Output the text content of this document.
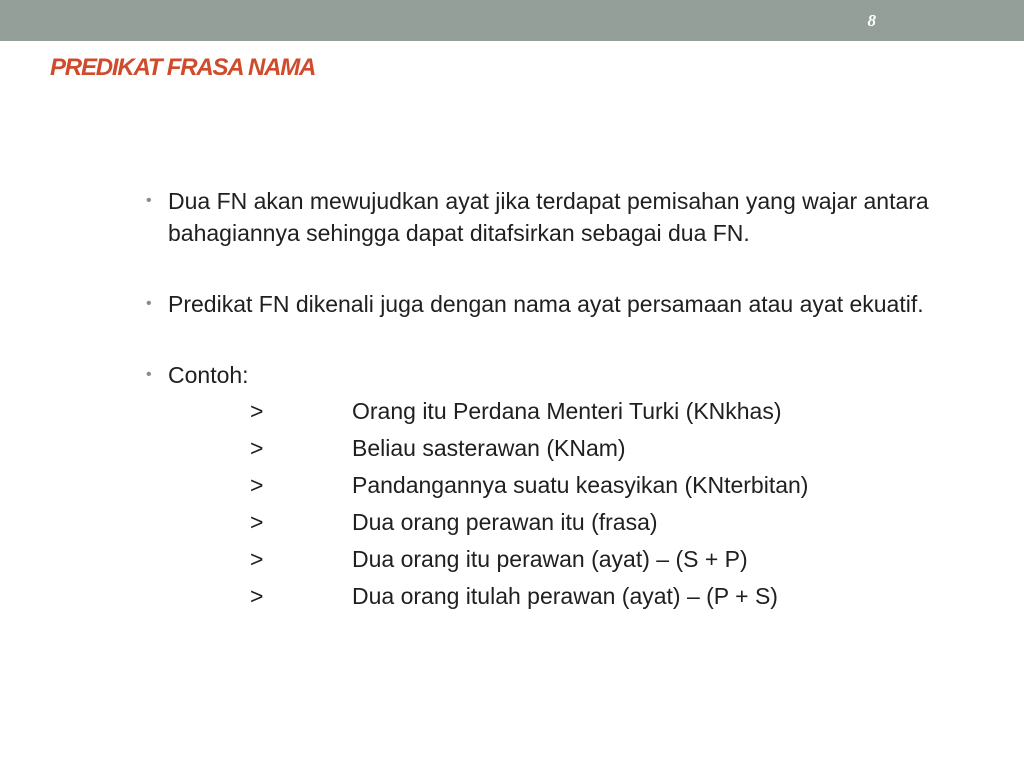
8
PREDIKAT FRASA NAMA
• Dua FN akan mewujudkan ayat jika terdapat pemisahan yang wajar antara bahagiannya sehingga dapat ditafsirkan sebagai dua FN.
• Predikat FN dikenali juga dengan nama ayat persamaan atau ayat ekuatif.
• Contoh:
>	Orang itu Perdana Menteri Turki (KNkhas)
>	Beliau sasterawan (KNam)
>	Pandangannya suatu keasyikan (KNterbitan)
>	Dua orang perawan itu (frasa)
>	Dua orang itu perawan (ayat) – (S + P)
>	Dua orang itulah perawan (ayat) – (P + S)
